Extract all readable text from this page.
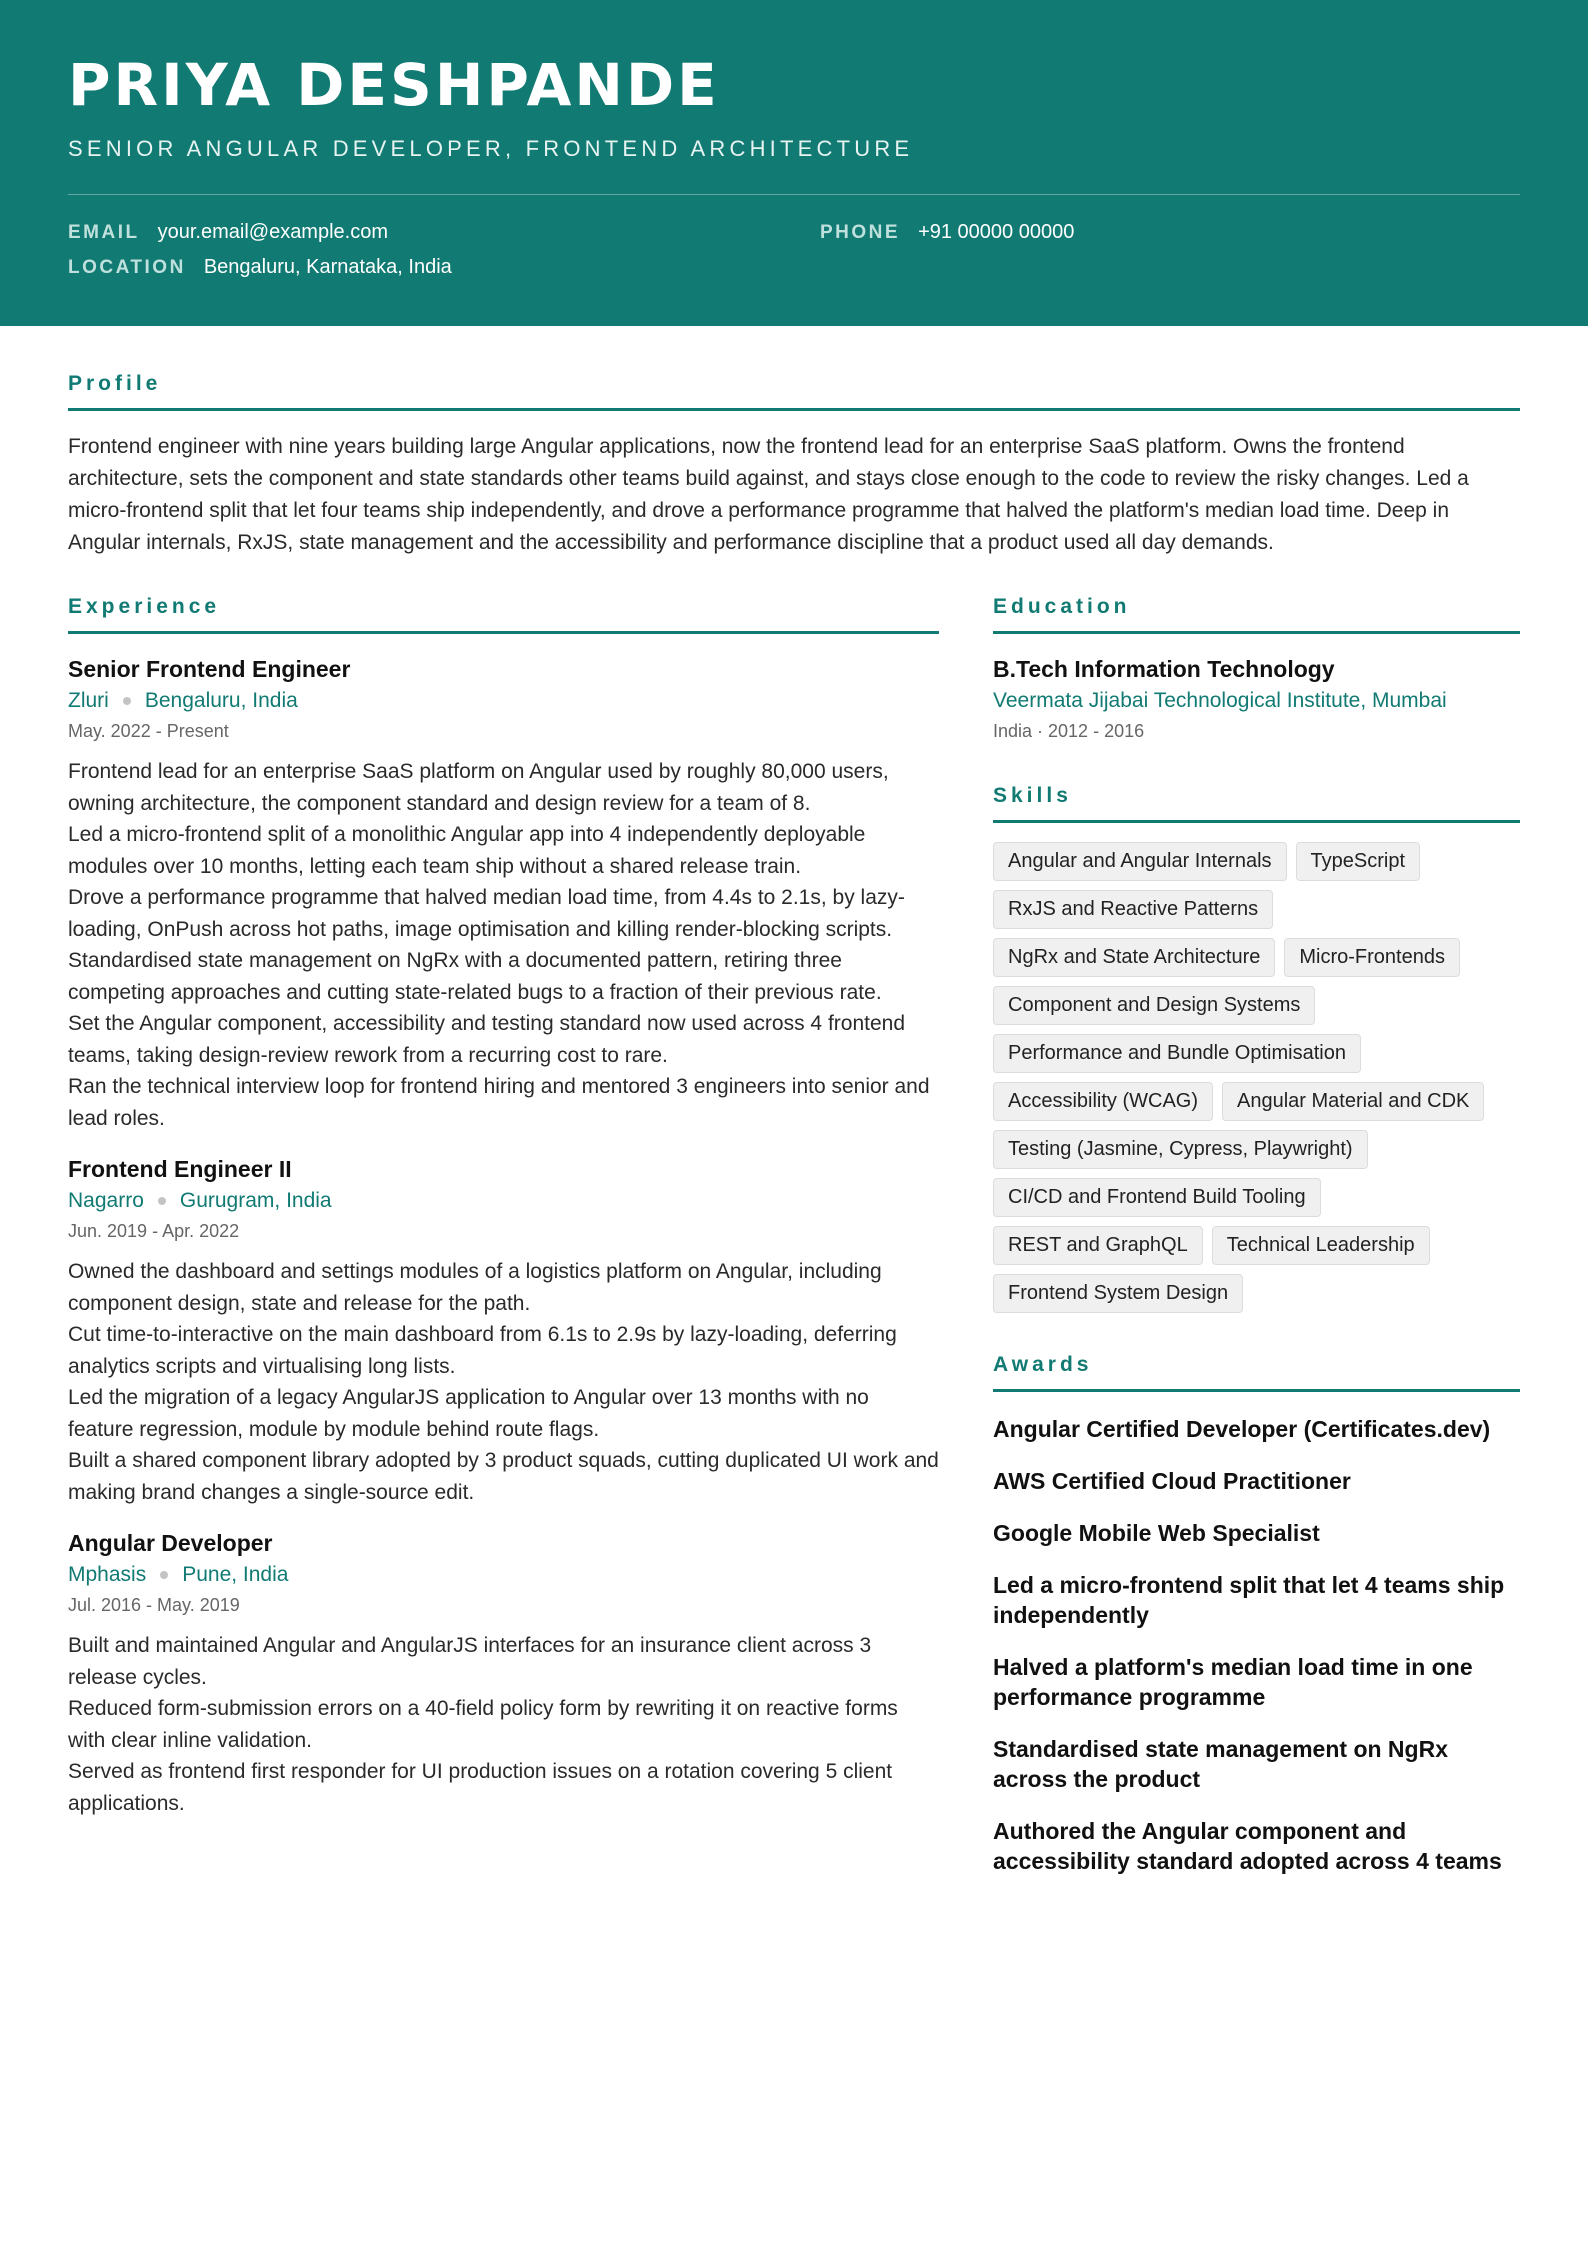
PRIYA DESHPANDE
SENIOR ANGULAR DEVELOPER, FRONTEND ARCHITECTURE
EMAIL your.email@example.com	PHONE +91 00000 00000
LOCATION Bengaluru, Karnataka, India
Profile
Frontend engineer with nine years building large Angular applications, now the frontend lead for an enterprise SaaS platform. Owns the frontend architecture, sets the component and state standards other teams build against, and stays close enough to the code to review the risky changes. Led a micro-frontend split that let four teams ship independently, and drove a performance programme that halved the platform's median load time. Deep in Angular internals, RxJS, state management and the accessibility and performance discipline that a product used all day demands.
Experience
Senior Frontend Engineer
Zluri Bengaluru, India
May. 2022 - Present
Frontend lead for an enterprise SaaS platform on Angular used by roughly 80,000 users, owning architecture, the component standard and design review for a team of 8.
Led a micro-frontend split of a monolithic Angular app into 4 independently deployable modules over 10 months, letting each team ship without a shared release train.
Drove a performance programme that halved median load time, from 4.4s to 2.1s, by lazy-loading, OnPush across hot paths, image optimisation and killing render-blocking scripts.
Standardised state management on NgRx with a documented pattern, retiring three competing approaches and cutting state-related bugs to a fraction of their previous rate.
Set the Angular component, accessibility and testing standard now used across 4 frontend teams, taking design-review rework from a recurring cost to rare.
Ran the technical interview loop for frontend hiring and mentored 3 engineers into senior and lead roles.
Frontend Engineer II
Nagarro Gurugram, India
Jun. 2019 - Apr. 2022
Owned the dashboard and settings modules of a logistics platform on Angular, including component design, state and release for the path.
Cut time-to-interactive on the main dashboard from 6.1s to 2.9s by lazy-loading, deferring analytics scripts and virtualising long lists.
Led the migration of a legacy AngularJS application to Angular over 13 months with no feature regression, module by module behind route flags.
Built a shared component library adopted by 3 product squads, cutting duplicated UI work and making brand changes a single-source edit.
Angular Developer
Mphasis Pune, India
Jul. 2016 - May. 2019
Built and maintained Angular and AngularJS interfaces for an insurance client across 3 release cycles.
Reduced form-submission errors on a 40-field policy form by rewriting it on reactive forms with clear inline validation.
Served as frontend first responder for UI production issues on a rotation covering 5 client applications.
Education
B.Tech Information Technology
Veermata Jijabai Technological Institute, Mumbai
India · 2012 - 2016
Skills
Angular and Angular Internals	TypeScript
RxJS and Reactive Patterns
NgRx and State Architecture	Micro-Frontends
Component and Design Systems
Performance and Bundle Optimisation
Accessibility (WCAG)	Angular Material and CDK
Testing (Jasmine, Cypress, Playwright)
CI/CD and Frontend Build Tooling
REST and GraphQL	Technical Leadership
Frontend System Design
Awards
Angular Certified Developer (Certificates.dev)
AWS Certified Cloud Practitioner
Google Mobile Web Specialist
Led a micro-frontend split that let 4 teams ship independently
Halved a platform's median load time in one performance programme
Standardised state management on NgRx across the product
Authored the Angular component and accessibility standard adopted across 4 teams
